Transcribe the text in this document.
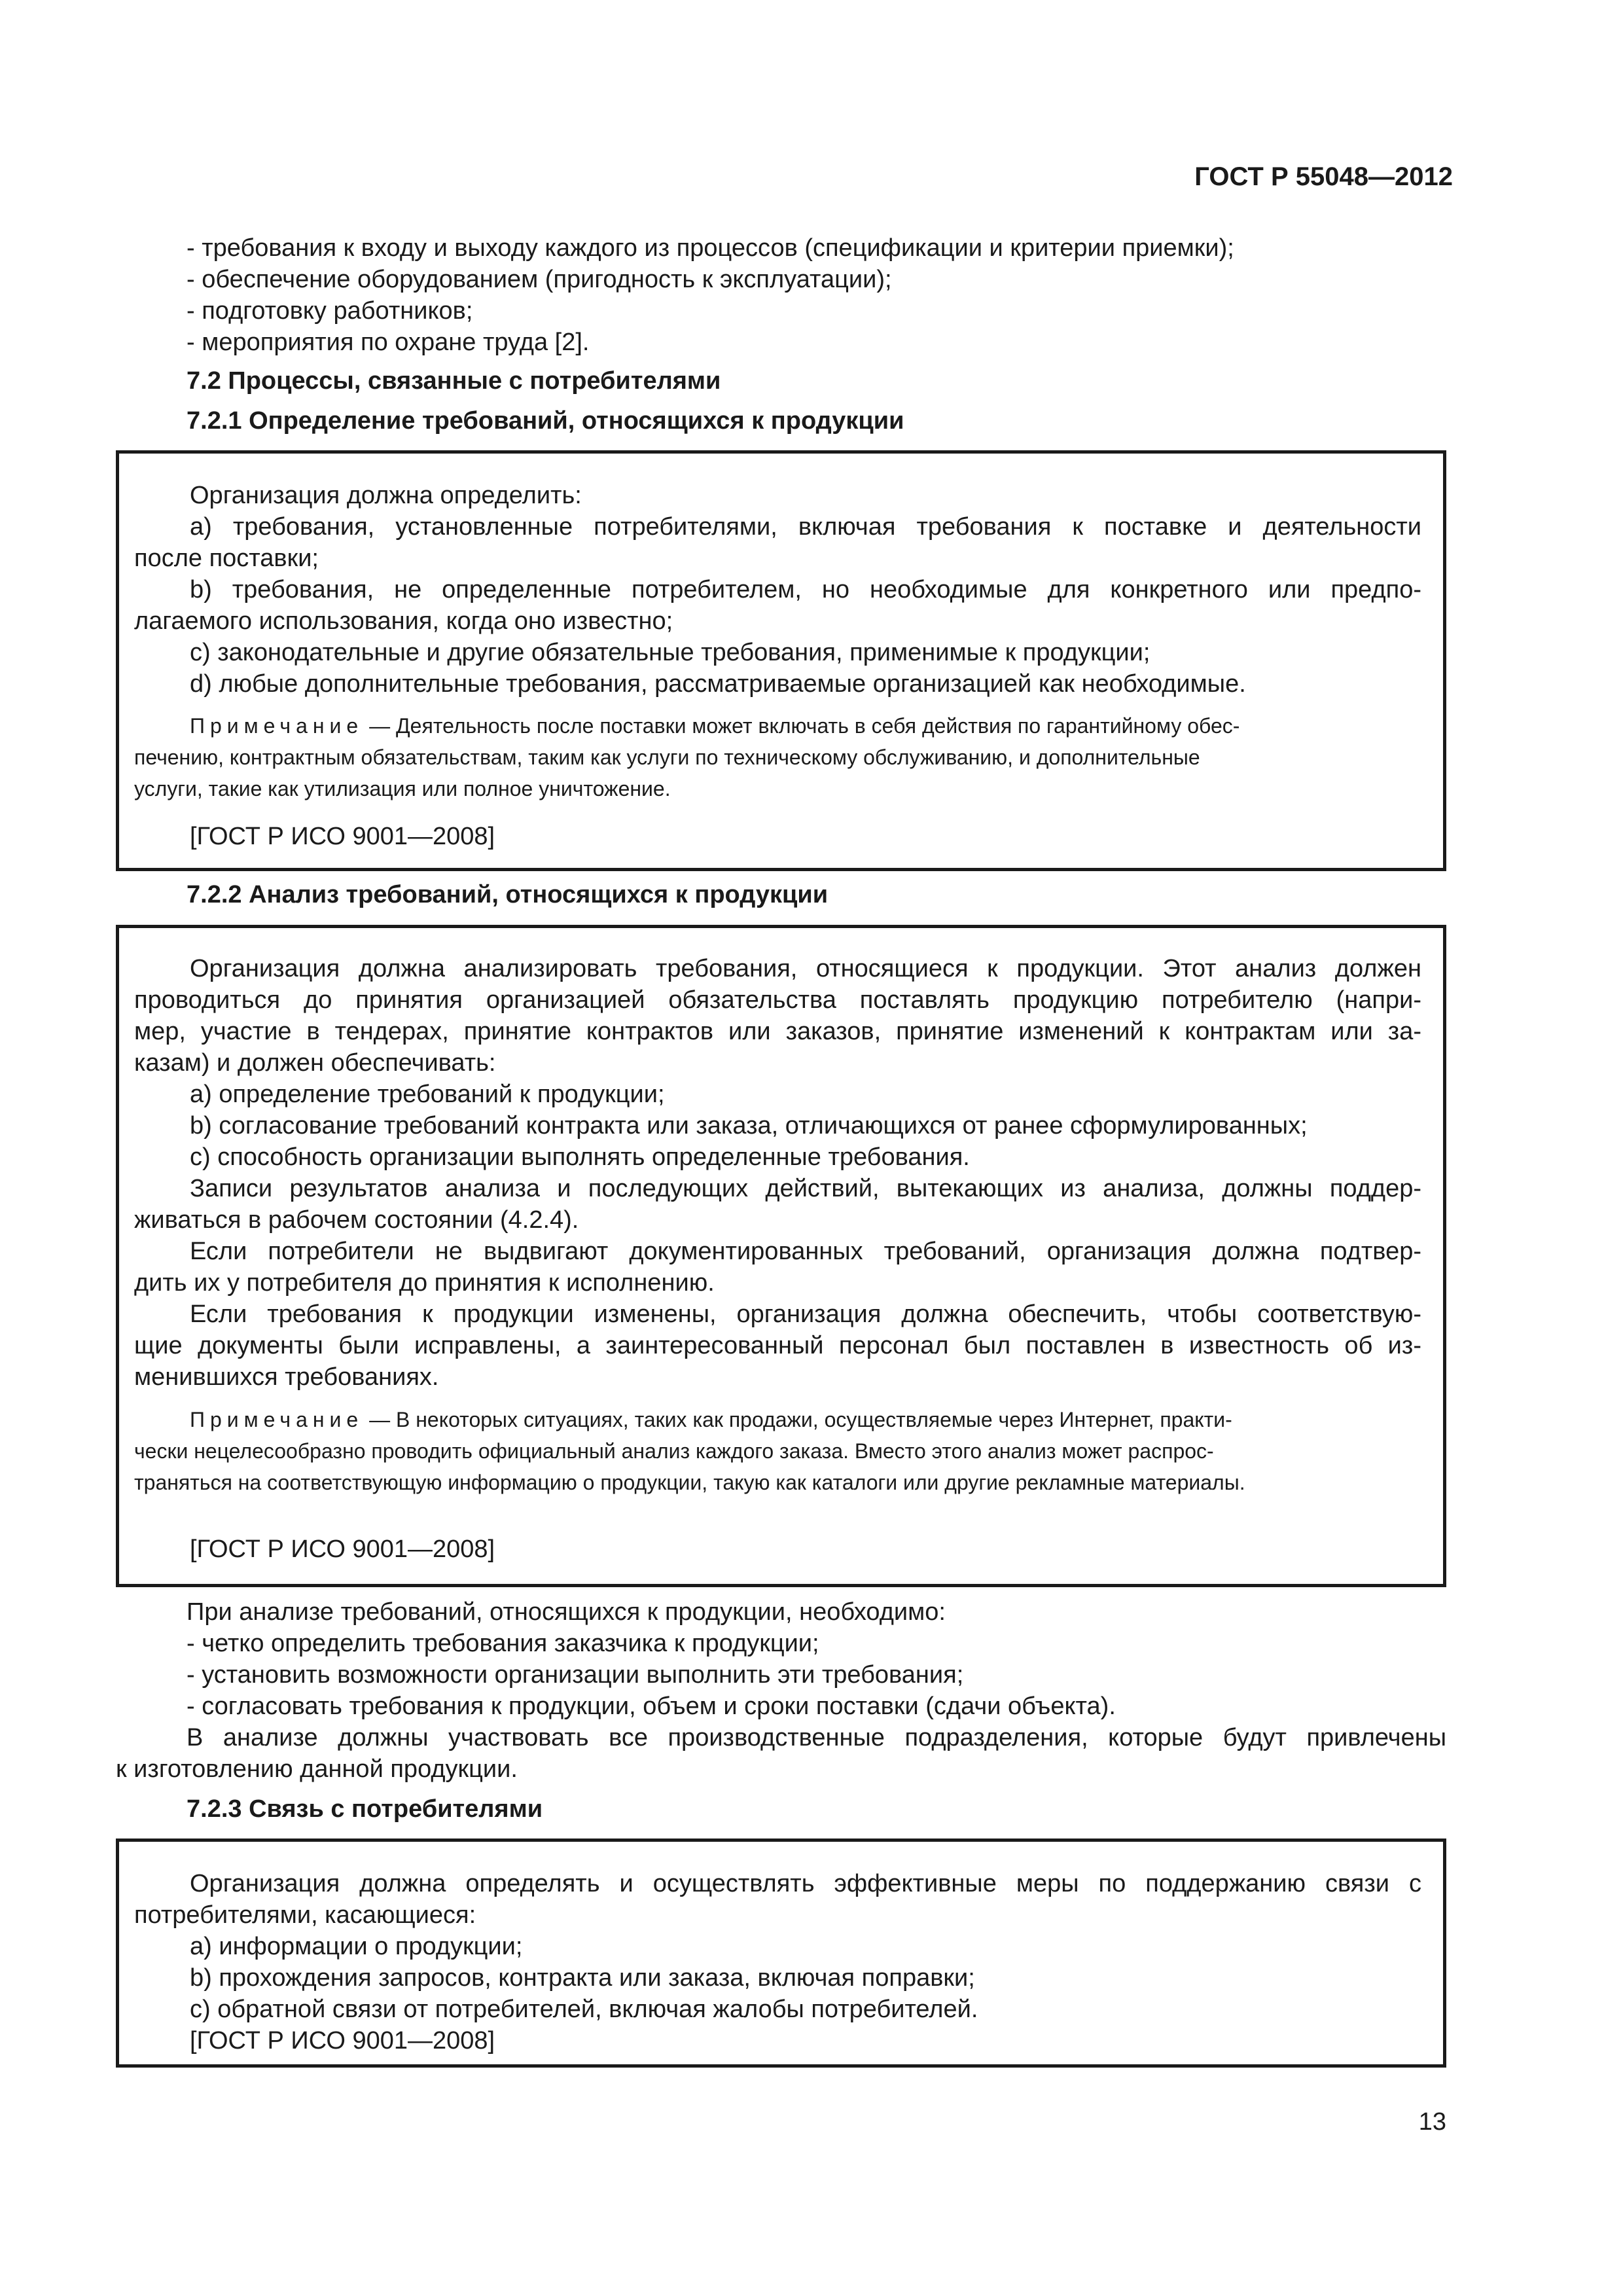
ГОСТ Р 55048—2012
- требования к входу и выходу каждого из процессов (спецификации и критерии приемки);
- обеспечение оборудованием (пригодность к эксплуатации);
- подготовку работников;
- мероприятия по охране труда [2].
7.2 Процессы, связанные с потребителями
7.2.1 Определение требований, относящихся к продукции
Организация должна определить:
a) требования, установленные потребителями, включая требования к поставке и деятельности
после поставки;
b) требования, не определенные потребителем, но необходимые для конкретного или предпо-
лагаемого использования, когда оно известно;
c) законодательные и другие обязательные требования, применимые к продукции;
d) любые дополнительные требования, рассматриваемые организацией как необходимые.
Примечание — Деятельность после поставки может включать в себя действия по гарантийному обес-
печению, контрактным обязательствам, таким как услуги по техническому обслуживанию, и дополнительные
услуги, такие как утилизация или полное уничтожение.
[ГОСТ Р ИСО 9001—2008]
7.2.2 Анализ требований, относящихся к продукции
Организация должна анализировать требования, относящиеся к продукции. Этот анализ должен
проводиться до принятия организацией обязательства поставлять продукцию потребителю (напри-
мер, участие в тендерах, принятие контрактов или заказов, принятие изменений к контрактам или за-
казам) и должен обеспечивать:
a) определение требований к продукции;
b) согласование требований контракта или заказа, отличающихся от ранее сформулированных;
c) способность организации выполнять определенные требования.
Записи результатов анализа и последующих действий, вытекающих из анализа, должны поддер-
живаться в рабочем состоянии (4.2.4).
Если потребители не выдвигают документированных требований, организация должна подтвер-
дить их у потребителя до принятия к исполнению.
Если требования к продукции изменены, организация должна обеспечить, чтобы соответствую-
щие документы были исправлены, а заинтересованный персонал был поставлен в известность об из-
менившихся требованиях.
Примечание — В некоторых ситуациях, таких как продажи, осуществляемые через Интернет, практи-
чески нецелесообразно проводить официальный анализ каждого заказа. Вместо этого анализ может распрос-
траняться на соответствующую информацию о продукции, такую как каталоги или другие рекламные материалы.
[ГОСТ Р ИСО 9001—2008]
При анализе требований, относящихся к продукции, необходимо:
- четко определить требования заказчика к продукции;
- установить возможности организации выполнить эти требования;
- согласовать требования к продукции, объем и сроки поставки (сдачи объекта).
В анализе должны участвовать все производственные подразделения, которые будут привлечены
к изготовлению данной продукции.
7.2.3 Связь с потребителями
Организация должна определять и осуществлять эффективные меры по поддержанию связи с
потребителями, касающиеся:
a) информации о продукции;
b) прохождения запросов, контракта или заказа, включая поправки;
c) обратной связи от потребителей, включая жалобы потребителей.
[ГОСТ Р ИСО 9001—2008]
13
